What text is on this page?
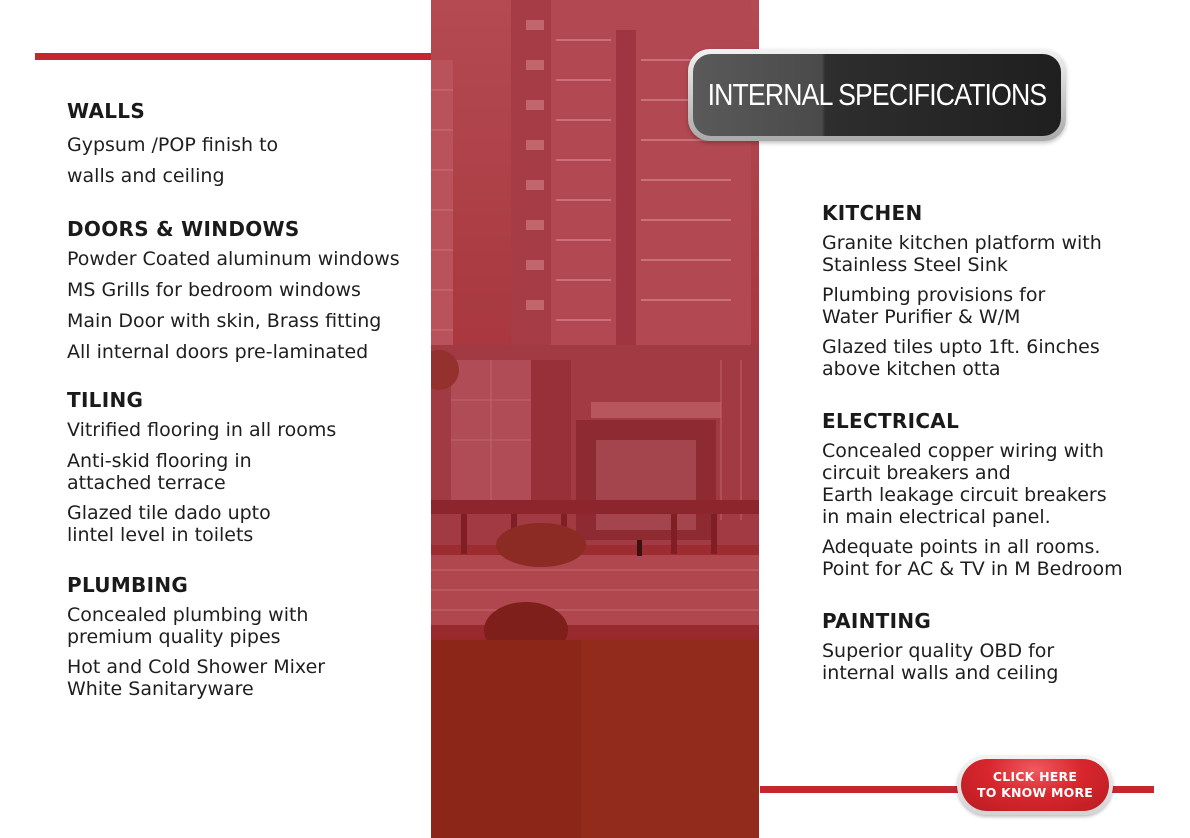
INTERNAL SPECIFICATIONS
WALLS
Gypsum /POP finish to
walls and ceiling
DOORS & WINDOWS
Powder Coated aluminum windows
MS Grills for bedroom windows
Main Door with skin, Brass fitting
All internal doors pre-laminated
TILING
Vitrified flooring in all rooms
Anti-skid flooring in
attached terrace
Glazed tile dado upto
lintel level in toilets
PLUMBING
Concealed plumbing with
premium quality pipes
Hot and Cold Shower Mixer
White Sanitaryware
KITCHEN
Granite kitchen platform with
Stainless Steel Sink
Plumbing provisions for
Water Purifier & W/M
Glazed tiles upto 1ft. 6inches
above kitchen otta
ELECTRICAL
Concealed copper wiring with
circuit breakers and
Earth leakage circuit breakers
in main electrical panel.
Adequate points in all rooms.
Point for AC & TV in M Bedroom
PAINTING
Superior quality OBD for
internal walls and ceiling
CLICK HERE
TO KNOW MORE
